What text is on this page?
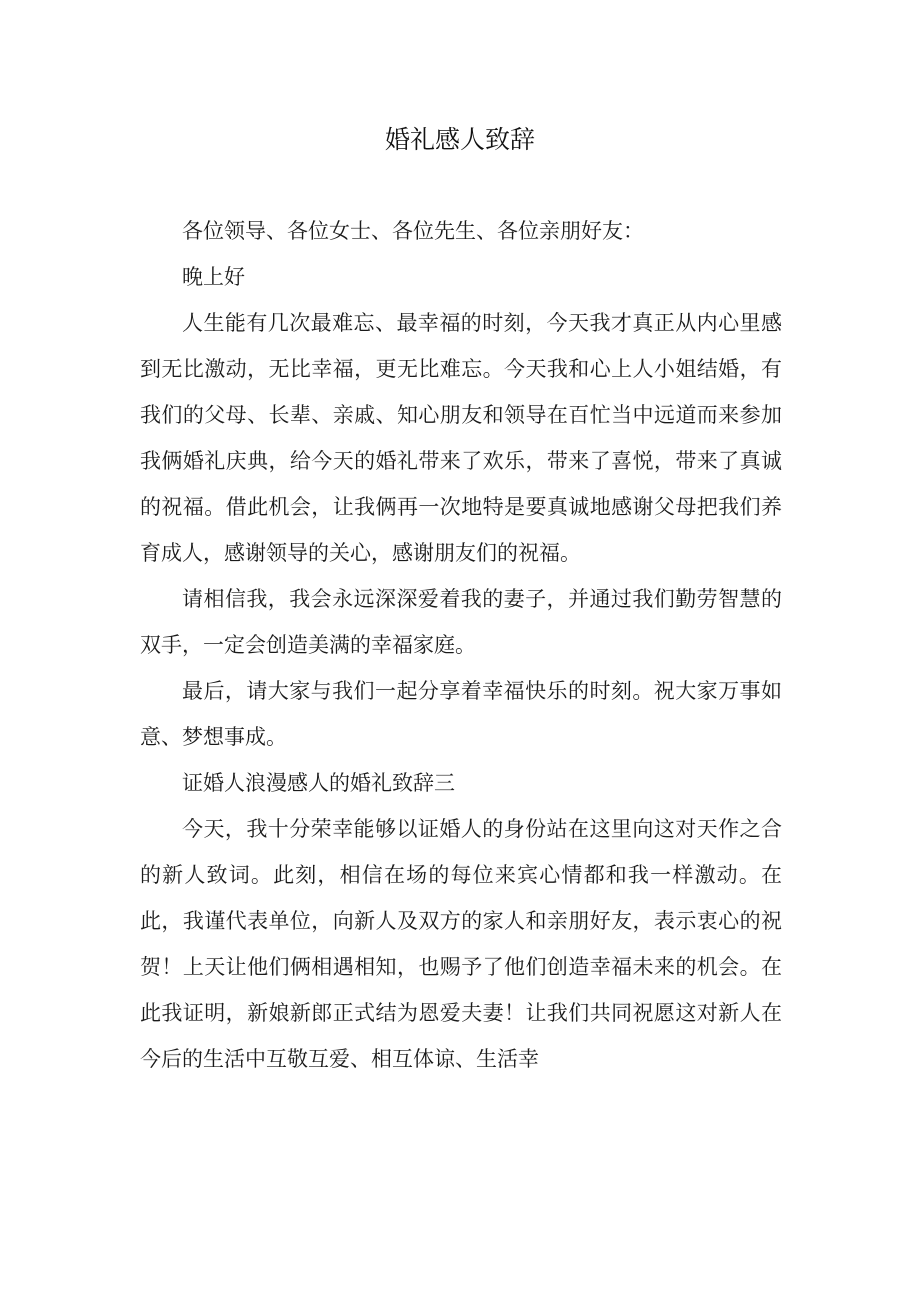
婚礼感人致辞

各位领导、各位女士、各位先生、各位亲朋好友：

晚上好

人生能有几次最难忘、最幸福的时刻，今天我才真正从内心里感到无比激动，无比幸福，更无比难忘。今天我和心上人小姐结婚，有我们的父母、长辈、亲戚、知心朋友和领导在百忙当中远道而来参加我俩婚礼庆典，给今天的婚礼带来了欢乐，带来了喜悦，带来了真诚的祝福。借此机会，让我俩再一次地特是要真诚地感谢父母把我们养育成人，感谢领导的关心，感谢朋友们的祝福。

请相信我，我会永远深深爱着我的妻子，并通过我们勤劳智慧的双手，一定会创造美满的幸福家庭。

最后，请大家与我们一起分享着幸福快乐的时刻。祝大家万事如意、梦想事成。

证婚人浪漫感人的婚礼致辞三

今天，我十分荣幸能够以证婚人的身份站在这里向这对天作之合的新人致词。此刻，相信在场的每位来宾心情都和我一样激动。在此，我谨代表单位，向新人及双方的家人和亲朋好友，表示衷心的祝贺！上天让他们俩相遇相知，也赐予了他们创造幸福未来的机会。在此我证明，新娘新郎正式结为恩爱夫妻！让我们共同祝愿这对新人在今后的生活中互敬互爱、相互体谅、生活幸
